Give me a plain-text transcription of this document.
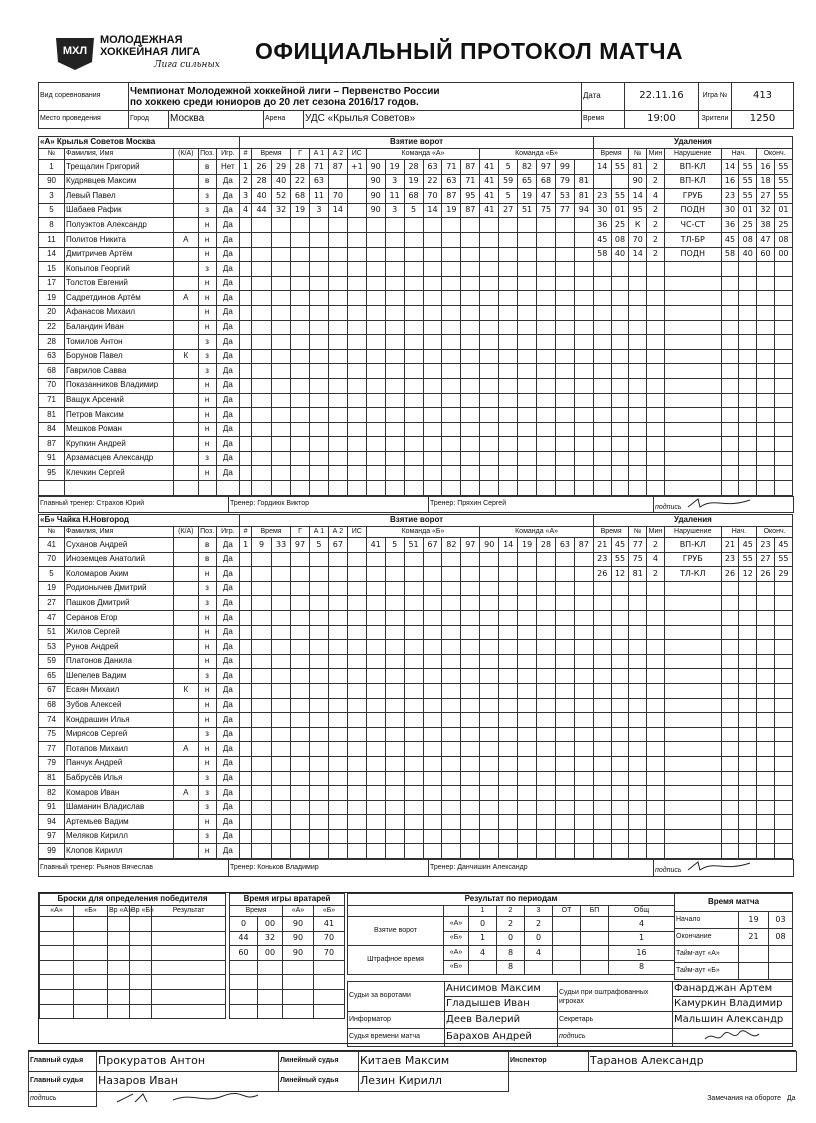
МХЛ
МОЛОДЕЖНАЯ
ХОККЕЙНАЯ ЛИГА
Лига сильных
ОФИЦИАЛЬНЫЙ ПРОТОКОЛ МАТЧА
Вид соревнования	Чемпионат Молодежной хоккейной лиги – Первенство России
по хоккею среди юниоров до 20 лет сезона 2016/17 годов.
	Дата	22.11.16	Игра №	413
Место проведения	Город	Москва	Арена	УДС «Крылья Советов»	Время	19:00	Зрители	1250
«А» Крылья Советов Москва					Взятие ворот																			Удаления								
№	Фамилия, Имя	(К/А)	Поз.	Игр.	#	Время		Г	А 1	А 2	ИС	Команда «А»						Команда «Б»						Время		№	Мин	Нарушение	Нач.		Оконч.	
1	Трещалин Григорий		в	Нет	1	26	29	28	71	87	+1	90	19	28	63	71	87	41	5	82	97	99		14	55	81	2	ВП-КЛ	14	55	16	55
90	Кудрявцев Максим		в	Да	2	28	40	22	63			90	3	19	22	63	71	41	59	65	68	79	81			90	2	ВП-КЛ	16	55	18	55
3	Левый Павел		з	Да	3	40	52	68	11	70		90	11	68	70	87	95	41	5	19	47	53	81	23	55	14	4	ГРУБ	23	55	27	55
5	Шабаев Рафик		з	Да	4	44	32	19	3	14		90	3	5	14	19	87	41	27	51	75	77	94	30	01	95	2	ПОДН	30	01	32	01
8	Полуэктов Александр		н	Да																				36	25	К	2	ЧС-СТ	36	25	38	25
11	Политов Никита	А	н	Да																				45	08	70	2	ТЛ-БР	45	08	47	08
14	Дмитричев Артём		н	Да																				58	40	14	2	ПОДН	58	40	60	00
15	Копылов Георгий		з	Да																												
17	Толстов Евгений		н	Да																												
19	Садретдинов Артём	А	н	Да																												
20	Афанасов Михаил		н	Да																												
22	Баландин Иван		н	Да																												
28	Томилов Антон		з	Да																												
63	Борунов Павел	К	з	Да																												
68	Гаврилов Савва		з	Да																												
70	Показанников Владимир		н	Да																												
71	Ващук Арсений		н	Да																												
81	Петров Максим		н	Да																												
84	Мешков Роман		н	Да																												
87	Крупкин Андрей		н	Да																												
91	Арзамасцев Александр		з	Да																												
95	Клечкин Сергей		н	Да																												

Главный тренер: Страхов Юрий	Тренер: Гордиюк Виктор	Тренер: Пряхин Сергей	подпись
«Б» Чайка Н.Новгород					Взятие ворот																			Удаления								
№	Фамилия, Имя	(К/А)	Поз.	Игр.	#	Время		Г	А 1	А 2	ИС	Команда «Б»						Команда «А»						Время		№	Мин	Нарушение	Нач.		Оконч.	
41	Суханов Андрей		в	Да	1	9	33	97	5	67		41	5	51	67	82	97	90	14	19	28	63	87	21	45	77	2	ВП-КЛ	21	45	23	45
70	Иноземцев Анатолий		в	Да																				23	55	75	4	ГРУБ	23	55	27	55
5	Коломаров Аким		н	Да																				26	12	81	2	ТЛ-КЛ	26	12	26	29
19	Родионычев Дмитрий		з	Да																												
27	Пашков Дмитрий		з	Да																												
47	Серанов Егор		н	Да																												
51	Жилов Сергей		н	Да																												
53	Рунов Андрей		н	Да																												
59	Платонов Данила		н	Да																												
65	Шепелев Вадим		з	Да																												
67	Есаян Михаил	К	н	Да																												
68	Зубов Алексей		н	Да																												
74	Кондрашин Илья		н	Да																												
75	Мирясов Сергей		з	Да																												
77	Потапов Михаил	А	н	Да																												
79	Панчук Андрей		н	Да																												
81	Бабрусёв Илья		з	Да																												
82	Комаров Иван	А	з	Да																												
91	Шаманин Владислав		з	Да																												
94	Артемьев Вадим		н	Да																												
97	Меляков Кирилл		з	Да																												
99	Клопов Кирилл		н	Да																												
Главный тренер: Рьянов Вячеслав	Тренер: Коньков Владимир	Тренер: Данчишин Александр	подпись
Броски для определения победителя				
«А»	«Б»	Вр «А»	Вр «Б»	Результат

Время игры вратарей			
Время		«А»	«Б»
0	00	90	41
44	32	90	70
60	00	90	70

Результат по периодам							
		1	2	3	ОТ	БП	Общ
Взятие ворот	«А»	0	2	2			4
	«Б»	1	0	0			1
Штрафное время	«А»	4	8	4			16
	«Б»		8				8
Время матча		
Начало	19	03
Окончание	21	08
Тайм-аут «А»		
Тайм-аут «Б»		
Судьи за воротами	Анисимов Максим	Судьи при оштрафованных игроках	Фанарджан Артем
	Гладышев Иван		Камуркин Владимир
Информатор	Деев Валерий	Секретарь	Мальшин Александр
Судья времени матча	Барахов Андрей	подпись	
Главный судья	Прокуратов Антон	Линейный судья	Китаев Максим	Инспектор	Таранов Александр
Главный судья	Назаров Иван	Линейный судья	Лезин Кирилл		
подпись				Замечания на обороте Да	
